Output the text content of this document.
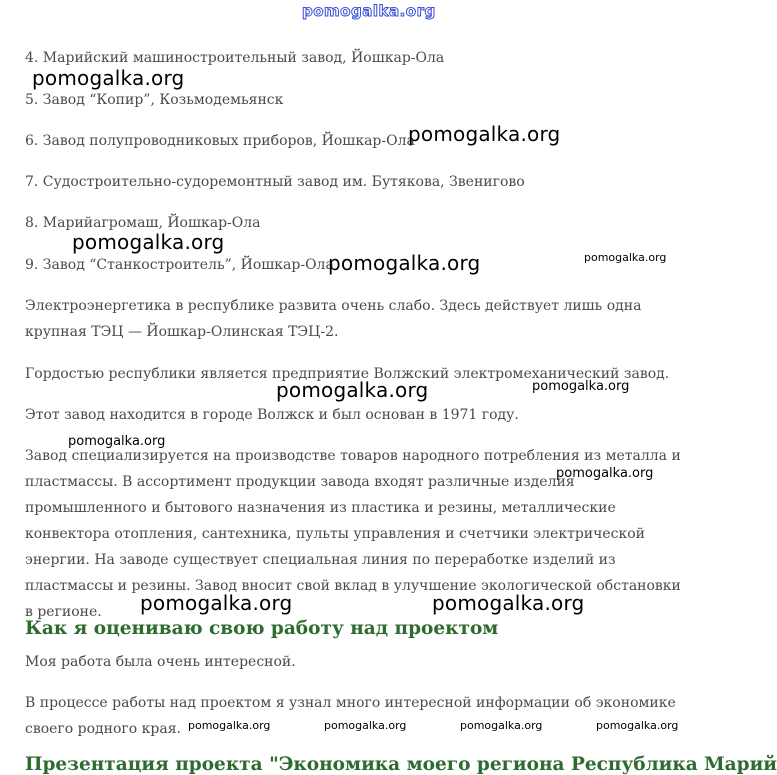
pomogalka.org

4. Марийский машиностроительный завод, Йошкар-Ола

5. Завод “Копир”, Козьмодемьянск

6. Завод полупроводниковых приборов, Йошкар-Ола

7. Судостроительно-судоремонтный завод им. Бутякова, Звенигово

8. Марийагромаш, Йошкар-Ола

9. Завод “Станкостроитель”, Йошкар-Ола

Электроэнергетика в республике развита очень слабо. Здесь действует лишь одна крупная ТЭЦ — Йошкар-Олинская ТЭЦ-2.

Гордостью республики является предприятие Волжский электромеханический завод.

Этот завод находится в городе Волжск и был основан в 1971 году.

Завод специализируется на производстве товаров народного потребления из металла и пластмассы. В ассортимент продукции завода входят различные изделия промышленного и бытового назначения из пластика и резины, металлические конвектора отопления, сантехника, пульты управления и счетчики электрической энергии. На заводе существует специальная линия по переработке изделий из пластмассы и резины. Завод вносит свой вклад в улучшение экологической обстановки в регионе.

Как я оцениваю свою работу над проектом

Моя работа была очень интересной.

В процессе работы над проектом я узнал много интересной информации об экономике своего родного края.

Презентация проекта "Экономика моего региона Республика Марий
pomogalka.org
pomogalka.org
pomogalka.org
pomogalka.org	pomogalka.org
pomogalka.org	pomogalka.org
pomogalka.org
pomogalka.org
pomogalka.org	pomogalka.org
pomogalka.org	pomogalka.org	pomogalka.org	pomogalka.org
